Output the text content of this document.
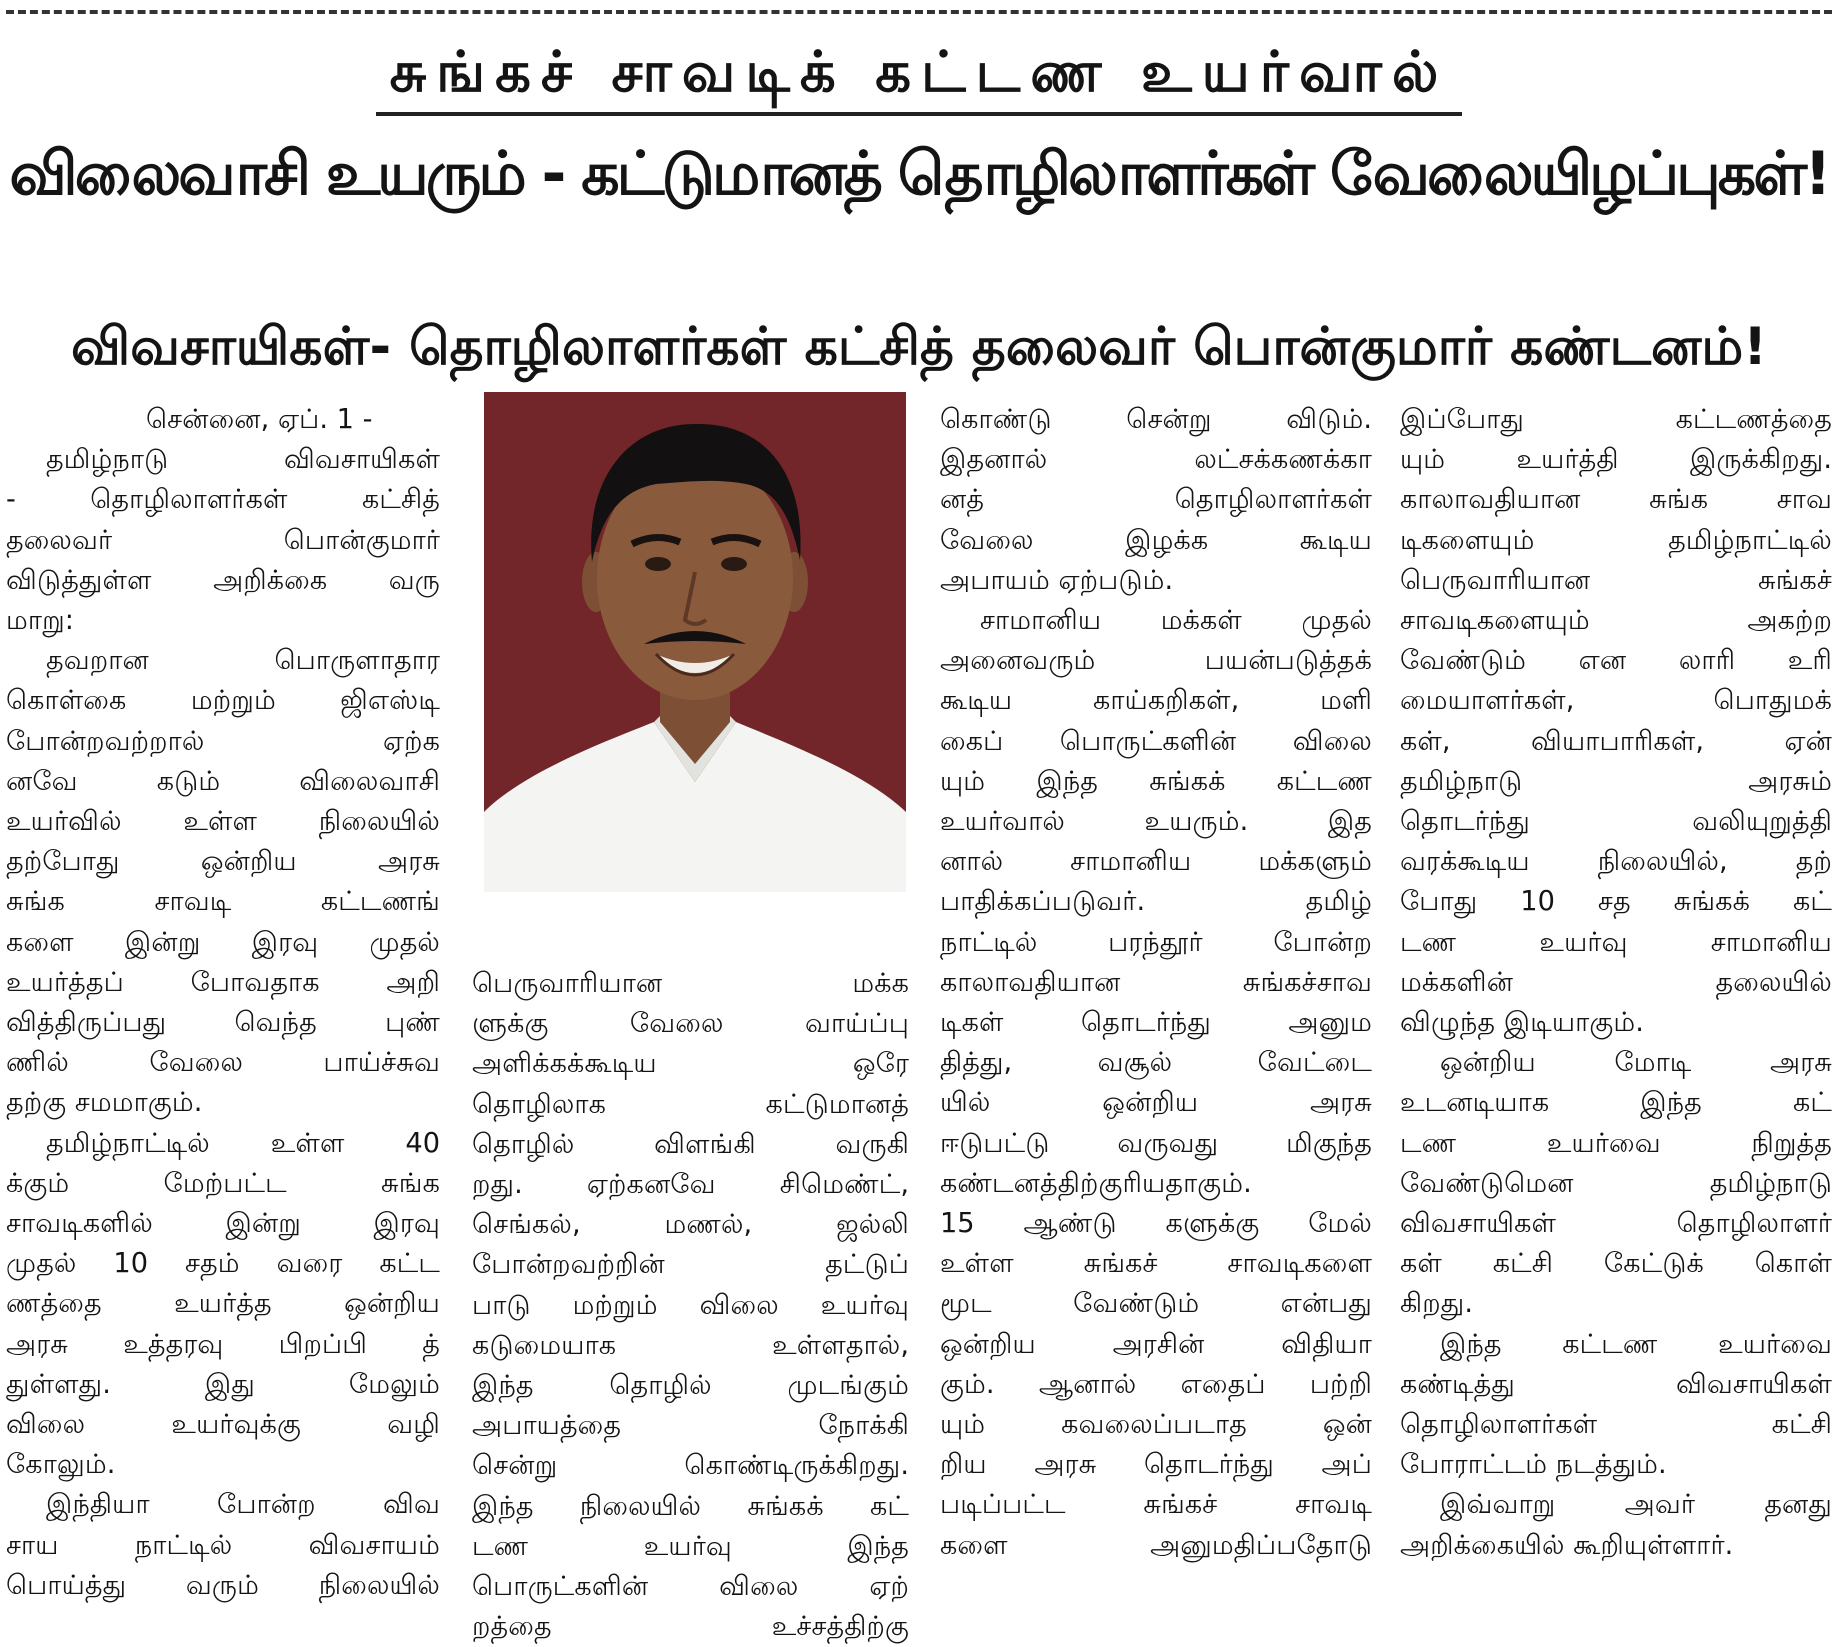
சுங்கச் சாவடிக் கட்டண உயர்வால்
விலைவாசி உயரும் - கட்டுமானத் தொழிலாளர்கள் வேலையிழப்புகள்!
விவசாயிகள்- தொழிலாளர்கள் கட்சித் தலைவர் பொன்குமார் கண்டனம்!

சென்னை, ஏப். 1 -

தமிழ்நாடு விவசாயிகள்

- தொழிலாளர்கள் கட்சித்

தலைவர் பொன்குமார்

விடுத்துள்ள அறிக்கை வரு

மாறு:

தவறான பொருளாதார

கொள்கை மற்றும் ஜிஎஸ்டி

போன்றவற்றால் ஏற்க

னவே கடும் விலைவாசி

உயர்வில் உள்ள நிலையில்

தற்போது ஒன்றிய அரசு

சுங்க சாவடி கட்டணங்

களை இன்று இரவு முதல்

உயர்த்தப் போவதாக அறி

வித்திருப்பது வெந்த புண்

ணில் வேலை பாய்ச்சுவ

தற்கு சமமாகும்.

தமிழ்நாட்டில் உள்ள 40

க்கும் மேற்பட்ட சுங்க

சாவடிகளில் இன்று இரவு

முதல் 10 சதம் வரை கட்ட

ணத்தை உயர்த்த ஒன்றிய

அரசு உத்தரவு பிறப்பி த்

துள்ளது. இது மேலும்

விலை உயர்வுக்கு வழி

கோலும்.

இந்தியா போன்ற விவ

சாய நாட்டில் விவசாயம்

பொய்த்து வரும் நிலையில்

பெருவாரியான மக்க

ளுக்கு வேலை வாய்ப்பு

அளிக்கக்கூடிய ஒரே

தொழிலாக கட்டுமானத்

தொழில் விளங்கி வருகி

றது. ஏற்கனவே சிமெண்ட்,

செங்கல், மணல், ஜல்லி

போன்றவற்றின் தட்டுப்

பாடு மற்றும் விலை உயர்வு

கடுமையாக உள்ளதால்,

இந்த தொழில் முடங்கும்

அபாயத்தை நோக்கி

சென்று கொண்டிருக்கிறது.

இந்த நிலையில் சுங்கக் கட்

டண உயர்வு இந்த

பொருட்களின் விலை ஏற்

றத்தை உச்சத்திற்கு

கொண்டு சென்று விடும்.

இதனால் லட்சக்கணக்கா

னத் தொழிலாளர்கள்

வேலை இழக்க கூடிய

அபாயம் ஏற்படும்.

சாமானிய மக்கள் முதல்

அனைவரும் பயன்படுத்தக்

கூடிய காய்கறிகள், மளி

கைப் பொருட்களின் விலை

யும் இந்த சுங்கக் கட்டண

உயர்வால் உயரும். இத

னால் சாமானிய மக்களும்

பாதிக்கப்படுவர். தமிழ்

நாட்டில் பரந்தூர் போன்ற

காலாவதியான சுங்கச்சாவ

டிகள் தொடர்ந்து அனும

தித்து, வசூல் வேட்டை

யில் ஒன்றிய அரசு

ஈடுபட்டு வருவது மிகுந்த

கண்டனத்திற்குரியதாகும்.

15 ஆண்டு களுக்கு மேல்

உள்ள சுங்கச் சாவடிகளை

மூட வேண்டும் என்பது

ஒன்றிய அரசின் விதியா

கும். ஆனால் எதைப் பற்றி

யும் கவலைப்படாத ஒன்

றிய அரசு தொடர்ந்து அப்

படிப்பட்ட சுங்கச் சாவடி

களை அனுமதிப்பதோடு

இப்போது கட்டணத்தை

யும் உயர்த்தி இருக்கிறது.

காலாவதியான சுங்க சாவ

டிகளையும் தமிழ்நாட்டில்

பெருவாரியான சுங்கச்

சாவடிகளையும் அகற்ற

வேண்டும் என லாரி உரி

மையாளர்கள், பொதுமக்

கள், வியாபாரிகள், ஏன்

தமிழ்நாடு அரசும்

தொடர்ந்து வலியுறுத்தி

வரக்கூடிய நிலையில், தற்

போது 10 சத சுங்கக் கட்

டண உயர்வு சாமானிய

மக்களின் தலையில்

விழுந்த இடியாகும்.

ஒன்றிய மோடி அரசு

உடனடியாக இந்த கட்

டண உயர்வை நிறுத்த

வேண்டுமென தமிழ்நாடு

விவசாயிகள் தொழிலாளர்

கள் கட்சி கேட்டுக் கொள்

கிறது.

இந்த கட்டண உயர்வை

கண்டித்து விவசாயிகள்

தொழிலாளர்கள் கட்சி

போராட்டம் நடத்தும்.

இவ்வாறு அவர் தனது

அறிக்கையில் கூறியுள்ளார்.
